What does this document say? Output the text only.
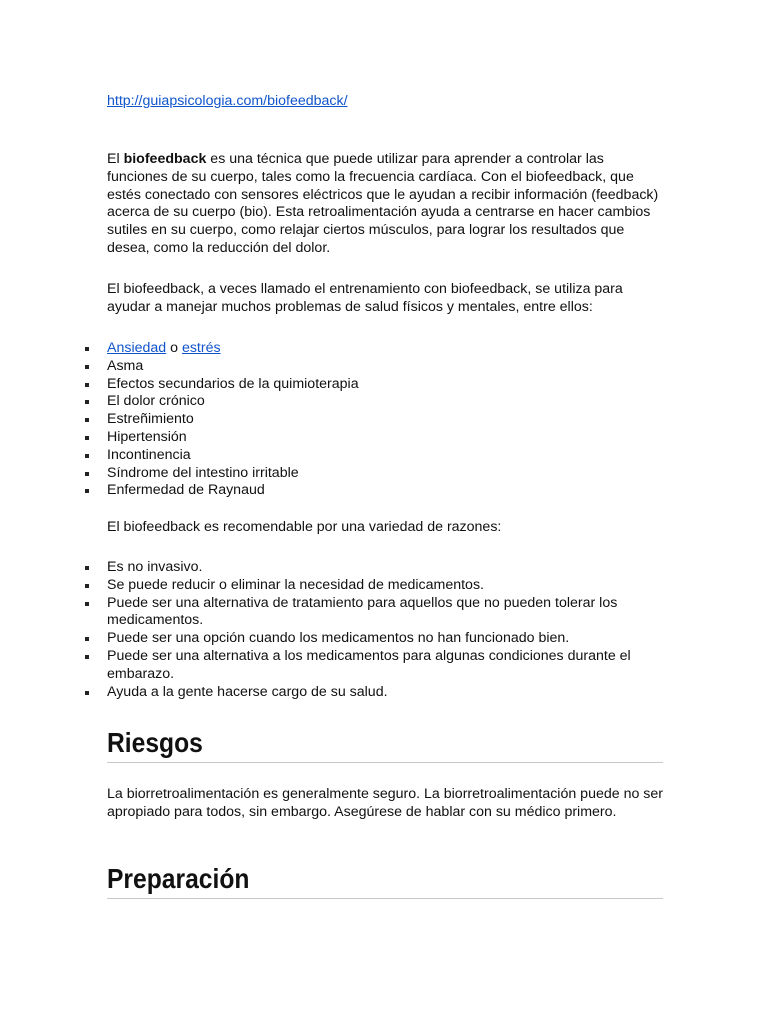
http://guiapsicologia.com/biofeedback/

El biofeedback es una técnica que puede utilizar para aprender a controlar las funciones de su cuerpo, tales como la frecuencia cardíaca. Con el biofeedback, que estés conectado con sensores eléctricos que le ayudan a recibir información (feedback) acerca de su cuerpo (bio). Esta retroalimentación ayuda a centrarse en hacer cambios sutiles en su cuerpo, como relajar ciertos músculos, para lograr los resultados que desea, como la reducción del dolor.

El biofeedback, a veces llamado el entrenamiento con biofeedback, se utiliza para ayudar a manejar muchos problemas de salud físicos y mentales, entre ellos:

Ansiedad o estrés
Asma
Efectos secundarios de la quimioterapia
El dolor crónico
Estreñimiento
Hipertensión
Incontinencia
Síndrome del intestino irritable
Enfermedad de Raynaud

El biofeedback es recomendable por una variedad de razones:

Es no invasivo.
Se puede reducir o eliminar la necesidad de medicamentos.
Puede ser una alternativa de tratamiento para aquellos que no pueden tolerar los medicamentos.
Puede ser una opción cuando los medicamentos no han funcionado bien.
Puede ser una alternativa a los medicamentos para algunas condiciones durante el embarazo.
Ayuda a la gente hacerse cargo de su salud.
Riesgos

La biorretroalimentación es generalmente seguro. La biorretroalimentación puede no ser apropiado para todos, sin embargo. Asegúrese de hablar con su médico primero.

Preparación
